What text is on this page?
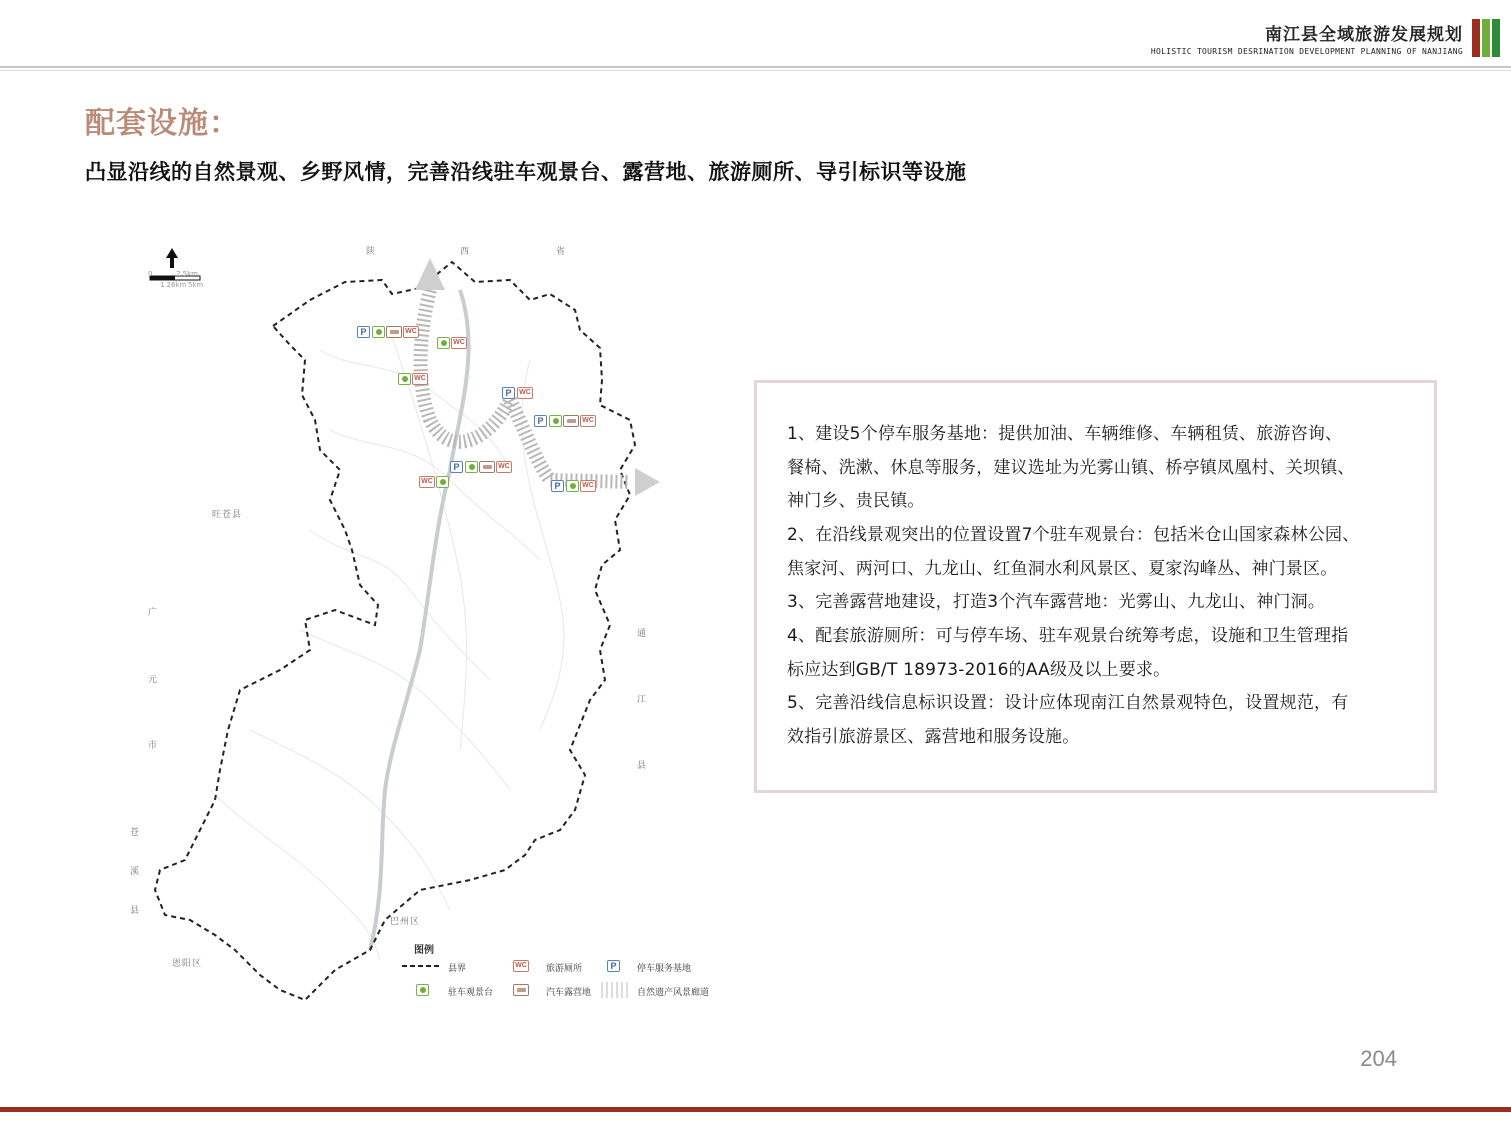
南江县全域旅游发展规划
HOLISTIC TOURISM DESRINATION DEVELOPMENT PLANNING OF NANJIANG
配套设施：
凸显沿线的自然景观、乡野风情，完善沿线驻车观景台、露营地、旅游厕所、导引标识等设施
0	2.5km
1.26km 5km
陕	西	省
旺苍县
广
元
市
苍
溪
县
通
江
县
巴州区
恩阳区
P	WC
WC
WC
P	WC
P	WC
P	WC
WC	P	WC
图例
县界	WC 旅游厕所	P	停车服务基地
驻车观景台	汽车露营地	自然遗产风景廊道
1、建设5个停车服务基地：提供加油、车辆维修、车辆租赁、旅游咨询、
餐椅、洗漱、休息等服务，建议选址为光雾山镇、桥亭镇凤凰村、关坝镇、
神门乡、贵民镇。
2、在沿线景观突出的位置设置7个驻车观景台：包括米仓山国家森林公园、
焦家河、两河口、九龙山、红鱼洞水利风景区、夏家沟峰丛、神门景区。
3、完善露营地建设，打造3个汽车露营地：光雾山、九龙山、神门洞。
4、配套旅游厕所：可与停车场、驻车观景台统筹考虑，设施和卫生管理指
标应达到GB/T 18973-2016的AA级及以上要求。
5、完善沿线信息标识设置：设计应体现南江自然景观特色，设置规范，有
效指引旅游景区、露营地和服务设施。
204
